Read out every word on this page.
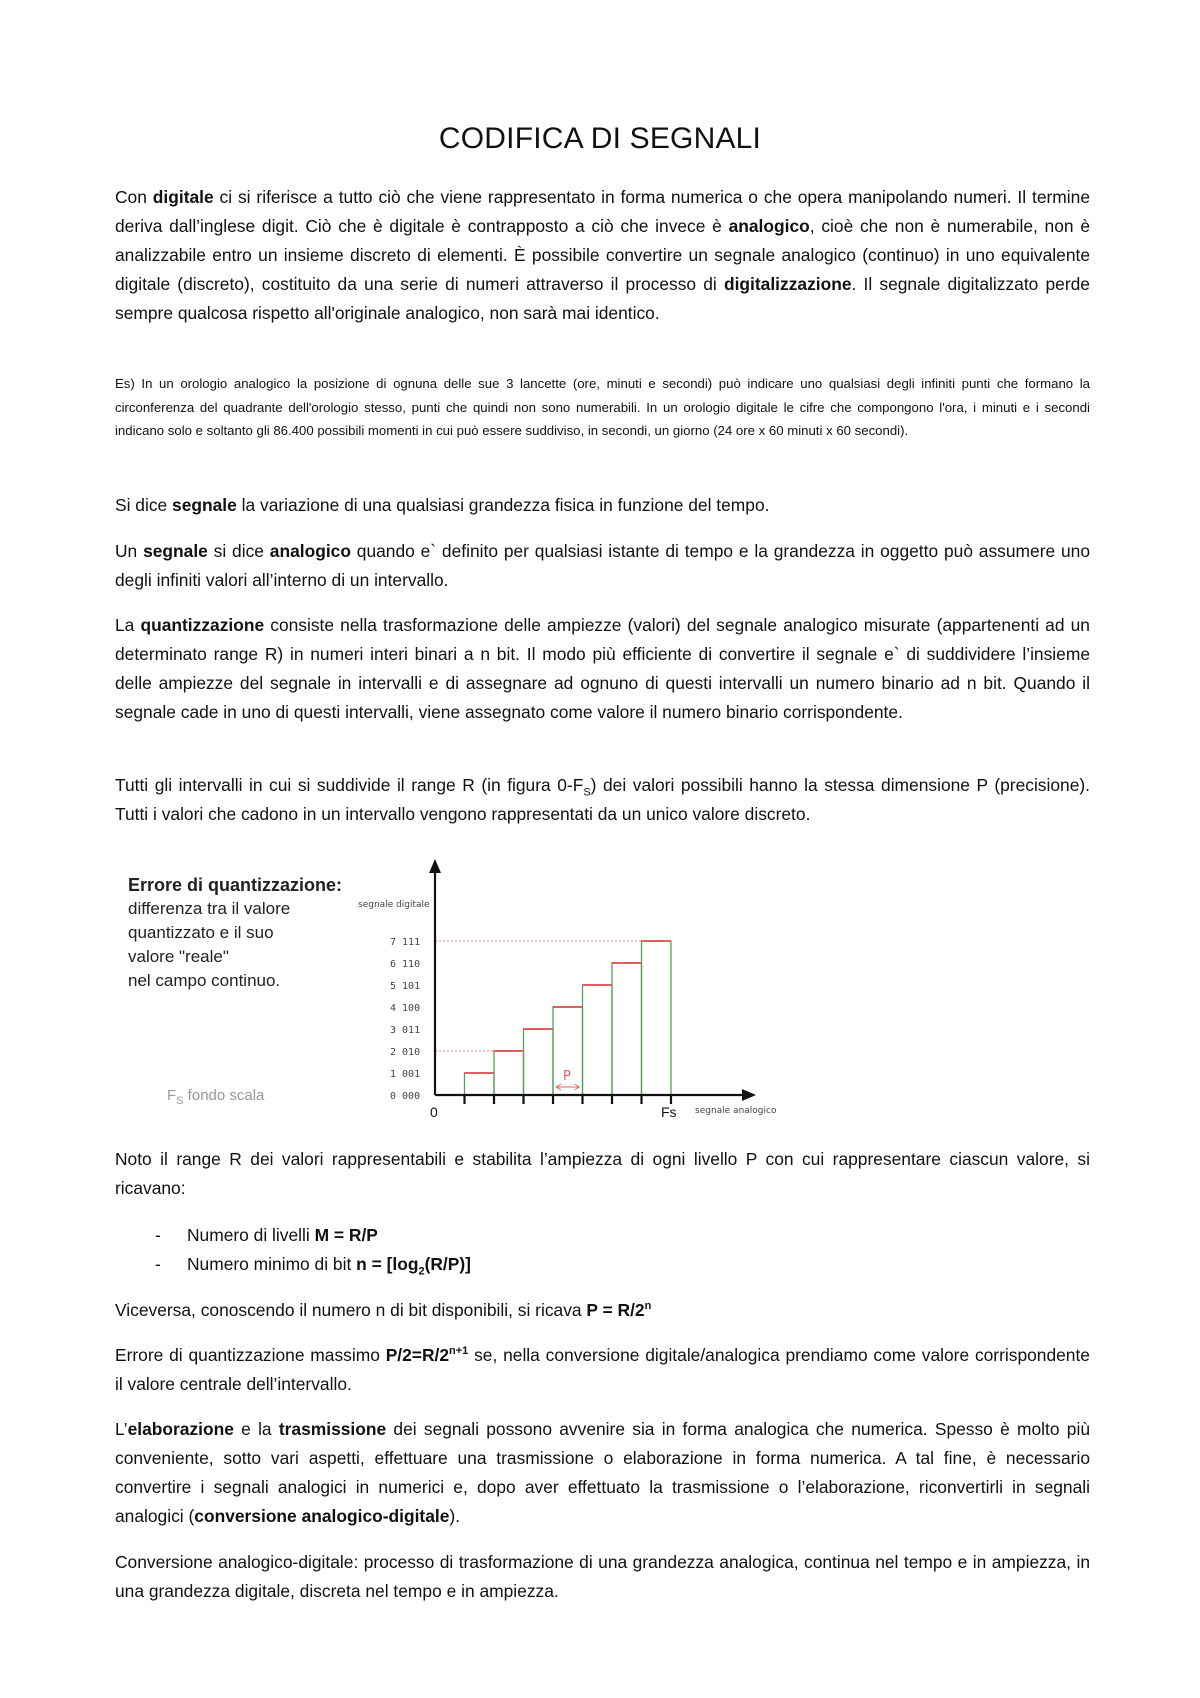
CODIFICA DI SEGNALI

Con digitale ci si riferisce a tutto ciò che viene rappresentato in forma numerica o che opera manipolando numeri. Il termine deriva dall’inglese digit. Ciò che è digitale è contrapposto a ciò che invece è analogico, cioè che non è numerabile, non è analizzabile entro un insieme discreto di elementi. È possibile convertire un segnale analogico (continuo) in uno equivalente digitale (discreto), costituito da una serie di numeri attraverso il processo di digitalizzazione. Il segnale digitalizzato perde sempre qualcosa rispetto all'originale analogico, non sarà mai identico.

Es) In un orologio analogico la posizione di ognuna delle sue 3 lancette (ore, minuti e secondi) può indicare uno qualsiasi degli infiniti punti che formano la circonferenza del quadrante dell'orologio stesso, punti che quindi non sono numerabili. In un orologio digitale le cifre che compongono l'ora, i minuti e i secondi indicano solo e soltanto gli 86.400 possibili momenti in cui può essere suddiviso, in secondi, un giorno (24 ore x 60 minuti x 60 secondi).

Si dice segnale la variazione di una qualsiasi grandezza fisica in funzione del tempo.

Un segnale si dice analogico quando e` definito per qualsiasi istante di tempo e la grandezza in oggetto può assumere uno degli infiniti valori all’interno di un intervallo.

La quantizzazione consiste nella trasformazione delle ampiezze (valori) del segnale analogico misurate (appartenenti ad un determinato range R) in numeri interi binari a n bit. Il modo più efficiente di convertire il segnale e` di suddividere l’insieme delle ampiezze del segnale in intervalli e di assegnare ad ognuno di questi intervalli un numero binario ad n bit. Quando il segnale cade in uno di questi intervalli, viene assegnato come valore il numero binario corrispondente.

Tutti gli intervalli in cui si suddivide il range R (in figura $0-F_S$) dei valori possibili hanno la stessa dimensione P (precisione). Tutti i valori che cadono in un intervallo vengono rappresentati da un unico valore discreto.

Errore di quantizzazione:
differenza tra il valore
quantizzato e il suo
valore "reale"
nel campo continuo.
$F_S$ fondo scala	0 000
1 001
2 010
3 011
4 100
5 101
6 110
7 111
P
segnale digitale
segnale analogico
0	Fs

Noto il range R dei valori rappresentabili e stabilita l’ampiezza di ogni livello P con cui rappresentare ciascun valore, si ricavano:

- Numero di livelli M = R/P
- Numero minimo di bit $n = [\log_2(R/P)]$

Viceversa, conoscendo il numero n di bit disponibili, si ricava $P = R/2^n$

Errore di quantizzazione massimo $P/2=R/2^{n+1}$ se, nella conversione digitale/analogica prendiamo come valore corrispondente il valore centrale dell’intervallo.

L’elaborazione e la trasmissione dei segnali possono avvenire sia in forma analogica che numerica. Spesso è molto più conveniente, sotto vari aspetti, effettuare una trasmissione o elaborazione in forma numerica. A tal fine, è necessario convertire i segnali analogici in numerici e, dopo aver effettuato la trasmissione o l’elaborazione, riconvertirli in segnali analogici (conversione analogico-digitale).

Conversione analogico-digitale: processo di trasformazione di una grandezza analogica, continua nel tempo e in ampiezza, in una grandezza digitale, discreta nel tempo e in ampiezza.
